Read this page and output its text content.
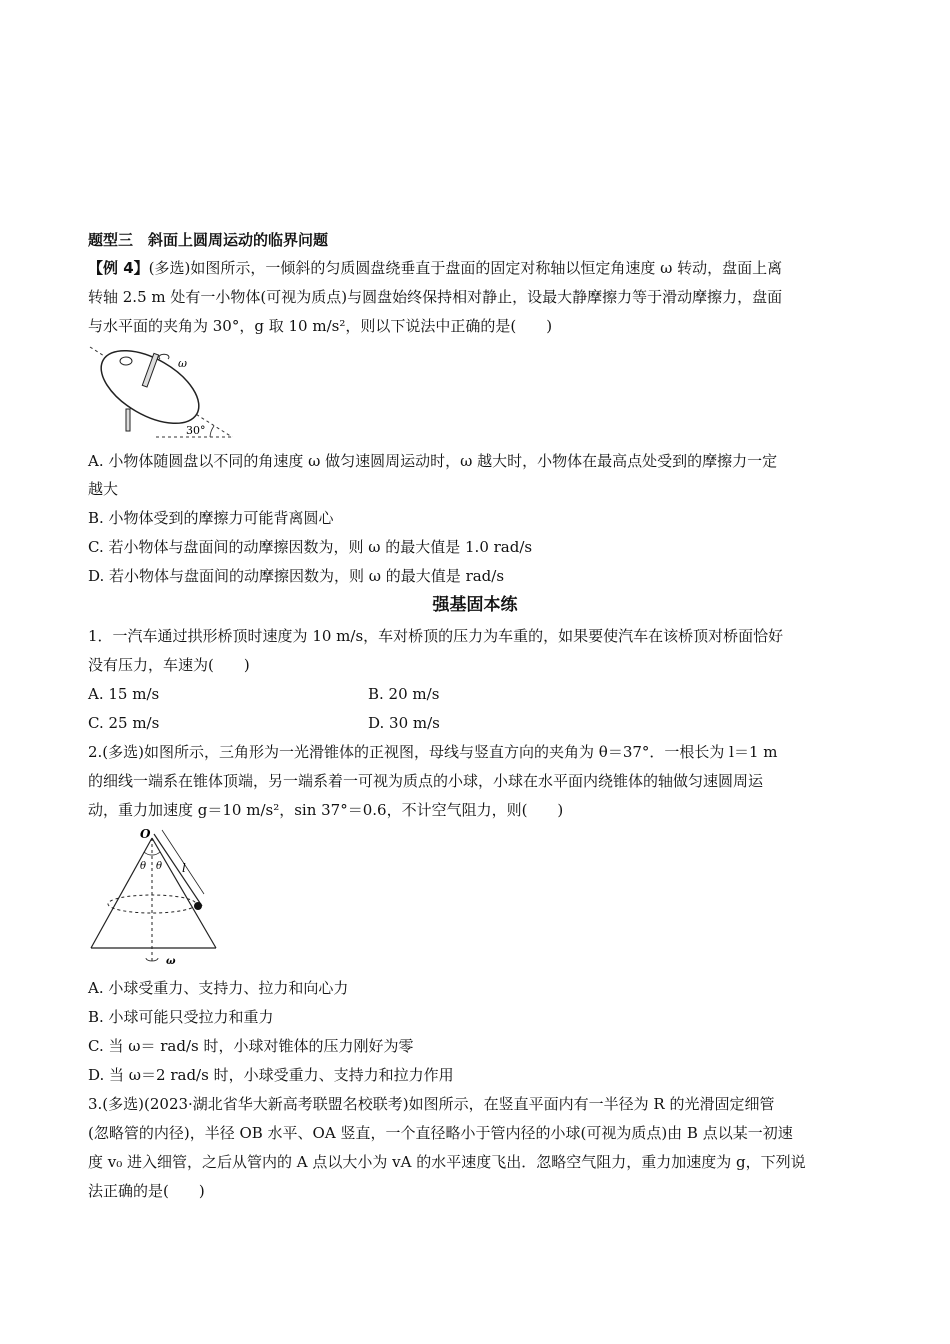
题型三　斜面上圆周运动的临界问题
【例 4】(多选)如图所示，一倾斜的匀质圆盘绕垂直于盘面的固定对称轴以恒定角速度 ω 转动，盘面上离
转轴 2.5 m 处有一小物体(可视为质点)与圆盘始终保持相对静止，设最大静摩擦力等于滑动摩擦力，盘面
与水平面的夹角为 30°，g 取 10 m/s²，则以下说法中正确的是(　　)
ω
30°
A. 小物体随圆盘以不同的角速度 ω 做匀速圆周运动时，ω 越大时，小物体在最高点处受到的摩擦力一定
越大
B. 小物体受到的摩擦力可能背离圆心
C. 若小物体与盘面间的动摩擦因数为，则 ω 的最大值是 1.0 rad/s
D. 若小物体与盘面间的动摩擦因数为，则 ω 的最大值是 rad/s
强基固本练
1．一汽车通过拱形桥顶时速度为 10 m/s，车对桥顶的压力为车重的，如果要使汽车在该桥顶对桥面恰好
没有压力，车速为(　　)
A. 15 m/s	B. 20 m/s
C. 25 m/s	D. 30 m/s
2.(多选)如图所示，三角形为一光滑锥体的正视图，母线与竖直方向的夹角为 θ＝37°．一根长为 l＝1 m
的细线一端系在锥体顶端，另一端系着一可视为质点的小球，小球在水平面内绕锥体的轴做匀速圆周运
动，重力加速度 g＝10 m/s²，sin 37°＝0.6，不计空气阻力，则(　　)
O
θ θ l
ω
A. 小球受重力、支持力、拉力和向心力
B. 小球可能只受拉力和重力
C. 当 ω＝ rad/s 时，小球对锥体的压力刚好为零
D. 当 ω＝2 rad/s 时，小球受重力、支持力和拉力作用
3.(多选)(2023·湖北省华大新高考联盟名校联考)如图所示，在竖直平面内有一半径为 R 的光滑固定细管
(忽略管的内径)，半径 OB 水平、OA 竖直，一个直径略小于管内径的小球(可视为质点)由 B 点以某一初速
度 v₀ 进入细管，之后从管内的 A 点以大小为 vA 的水平速度飞出．忽略空气阻力，重力加速度为 g，下列说
法正确的是(　　)
